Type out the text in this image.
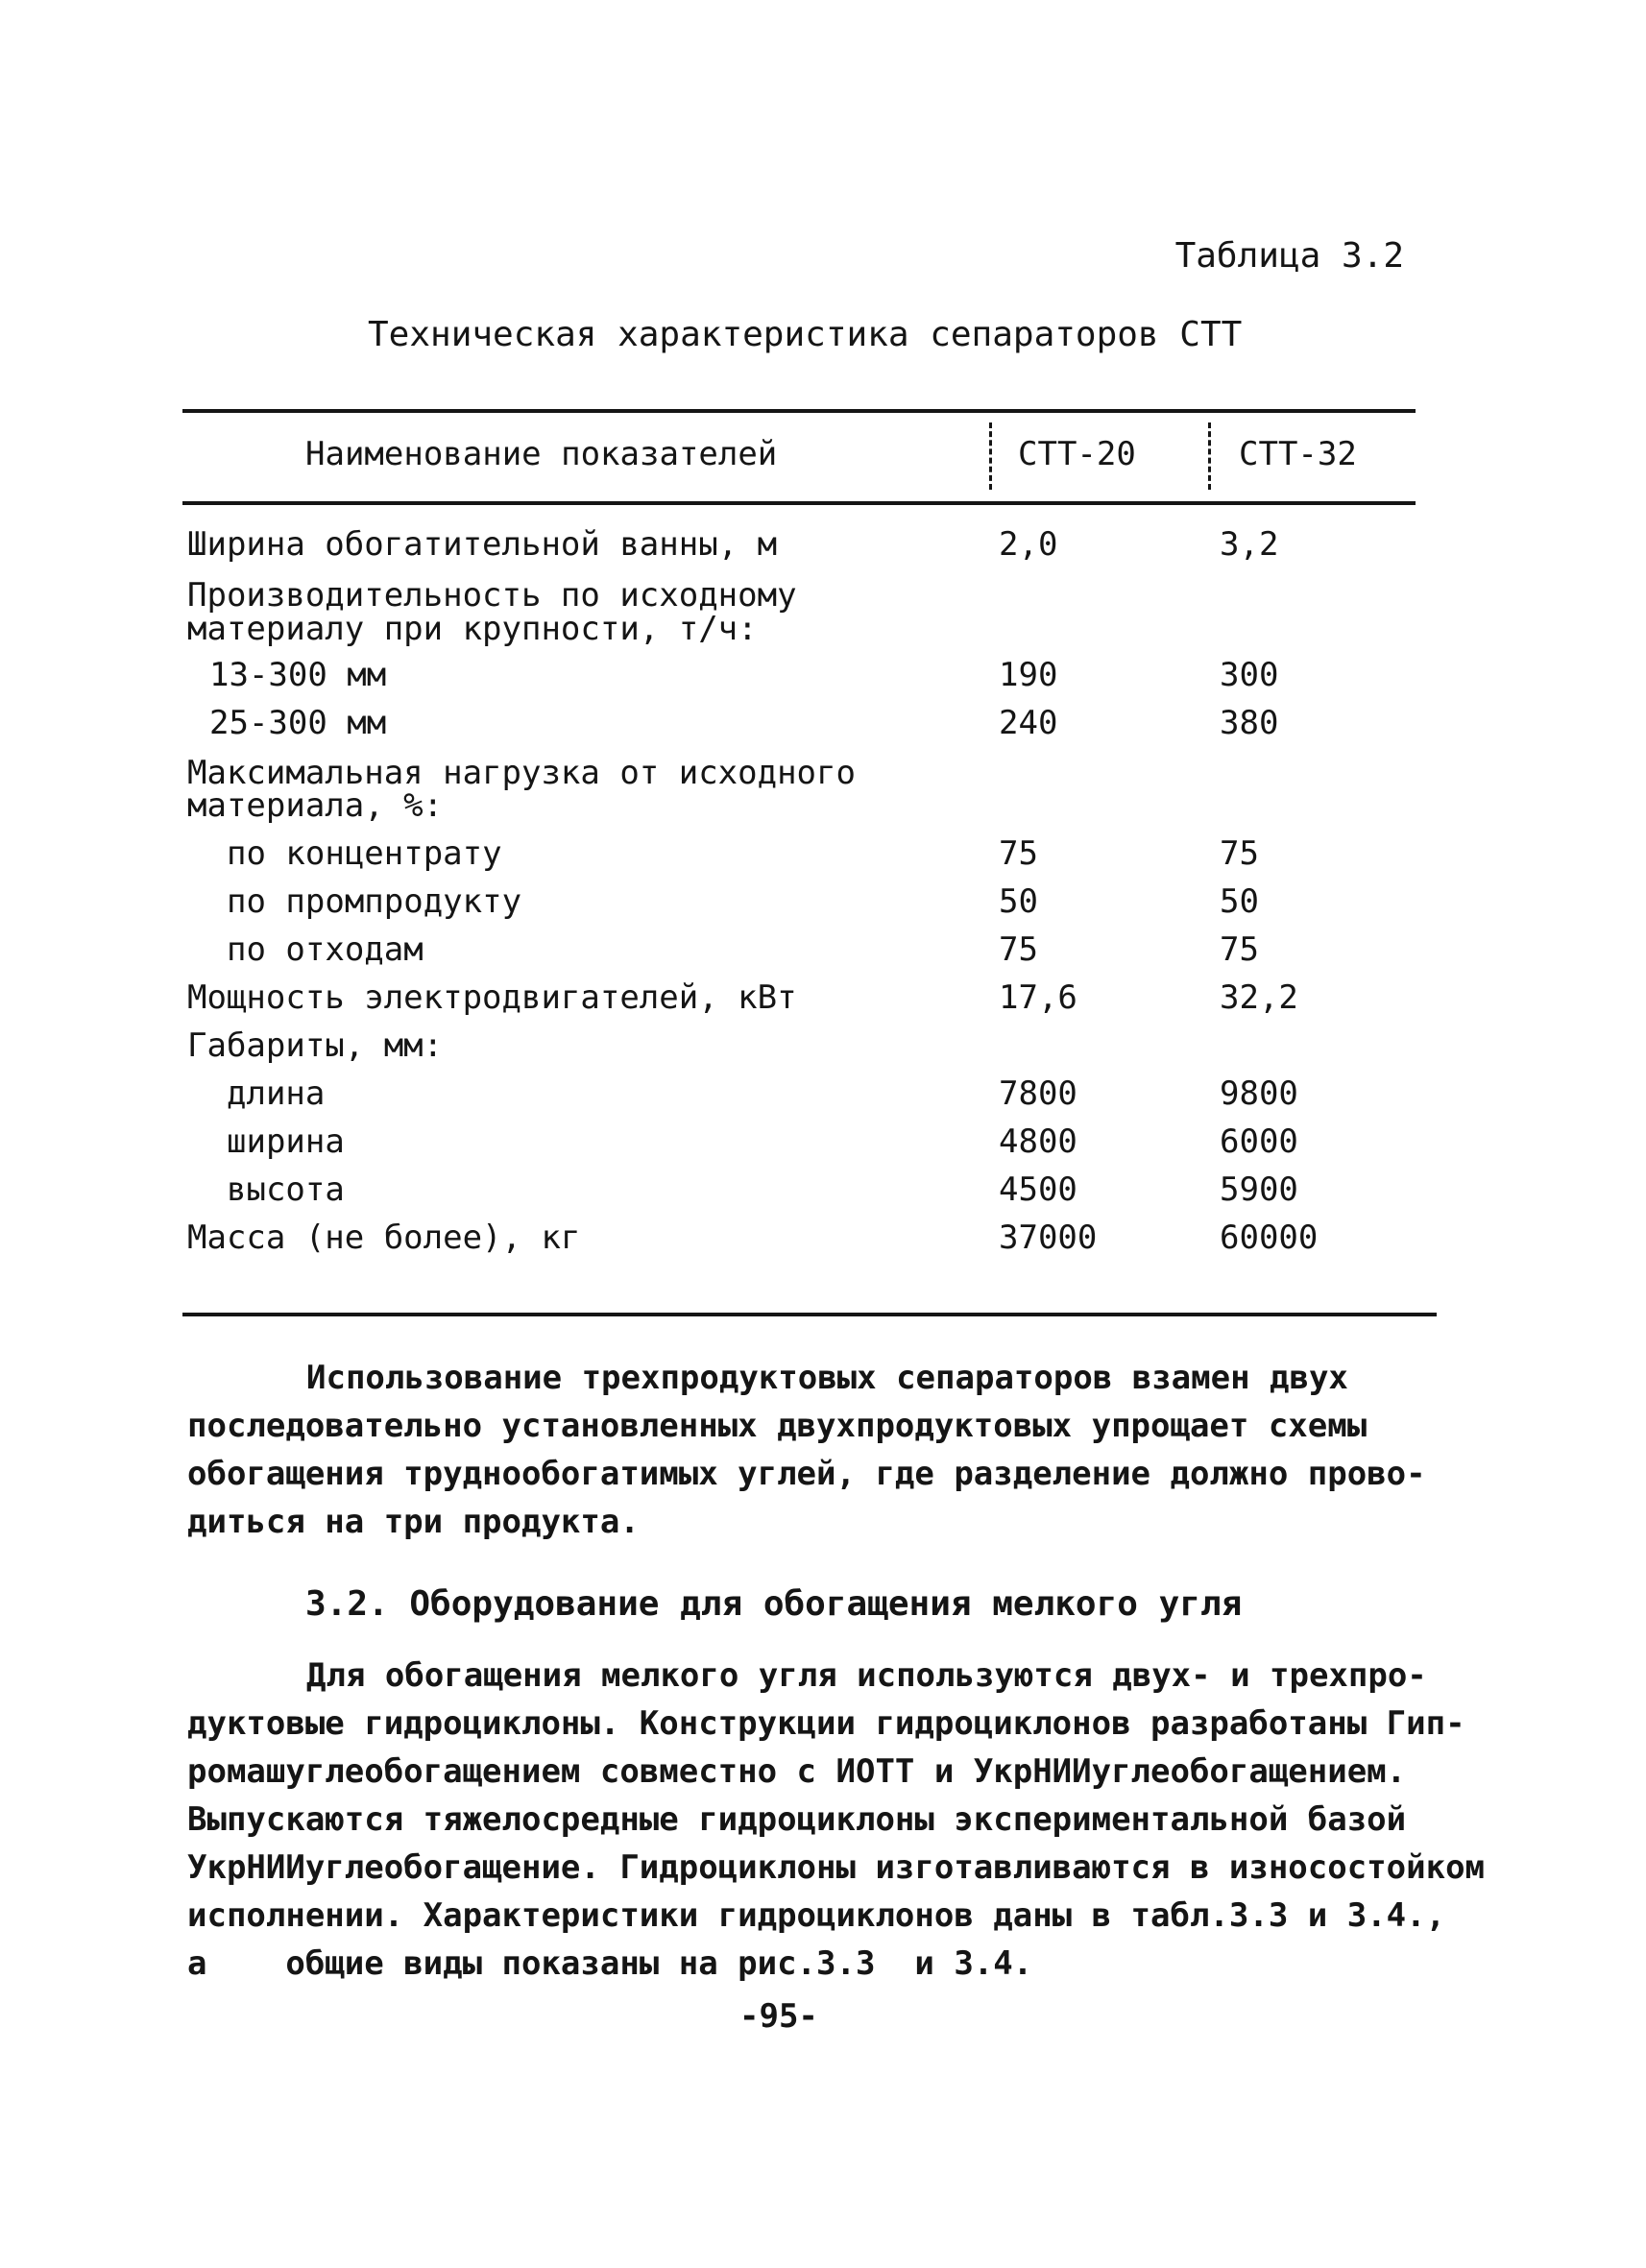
Таблица 3.2
Техническая характеристика сепараторов СТТ
Наименование показателей	СТТ-20	СТТ-32
Ширина обогатительной ванны, м	2,0	3,2
Производительность по исходному
материалу при крупности, т/ч:
13-300 мм	190	300
25-300 мм	240	380
Максимальная нагрузка от исходного
материала, %:
по концентрату	75	75
по промпродукту	50	50
по отходам	75	75
Мощность электродвигателей, кВт	17,6	32,2
Габариты, мм:
длина	7800	9800
ширина	4800	6000
высота	4500	5900
Масса (не более), кг	37000	60000
Использование трехпродуктовых сепараторов взамен двух
последовательно установленных двухпродуктовых упрощает схемы
обогащения труднообогатимых углей, где разделение должно прово-
диться на три продукта.
3.2. Оборудование для обогащения мелкого угля
Для обогащения мелкого угля используются двух- и трехпро-
дуктовые гидроциклоны. Конструкции гидроциклонов разработаны Гип-
ромашуглеобогащением совместно с ИОТТ и УкрНИИуглеобогащением.
Выпускаются тяжелосредные гидроциклоны экспериментальной базой
УкрНИИуглеобогащение. Гидроциклоны изготавливаются в износостойком
исполнении. Характеристики гидроциклонов даны в табл.3.3 и 3.4.,
а    общие виды показаны на рис.3.3  и 3.4.
-95-
